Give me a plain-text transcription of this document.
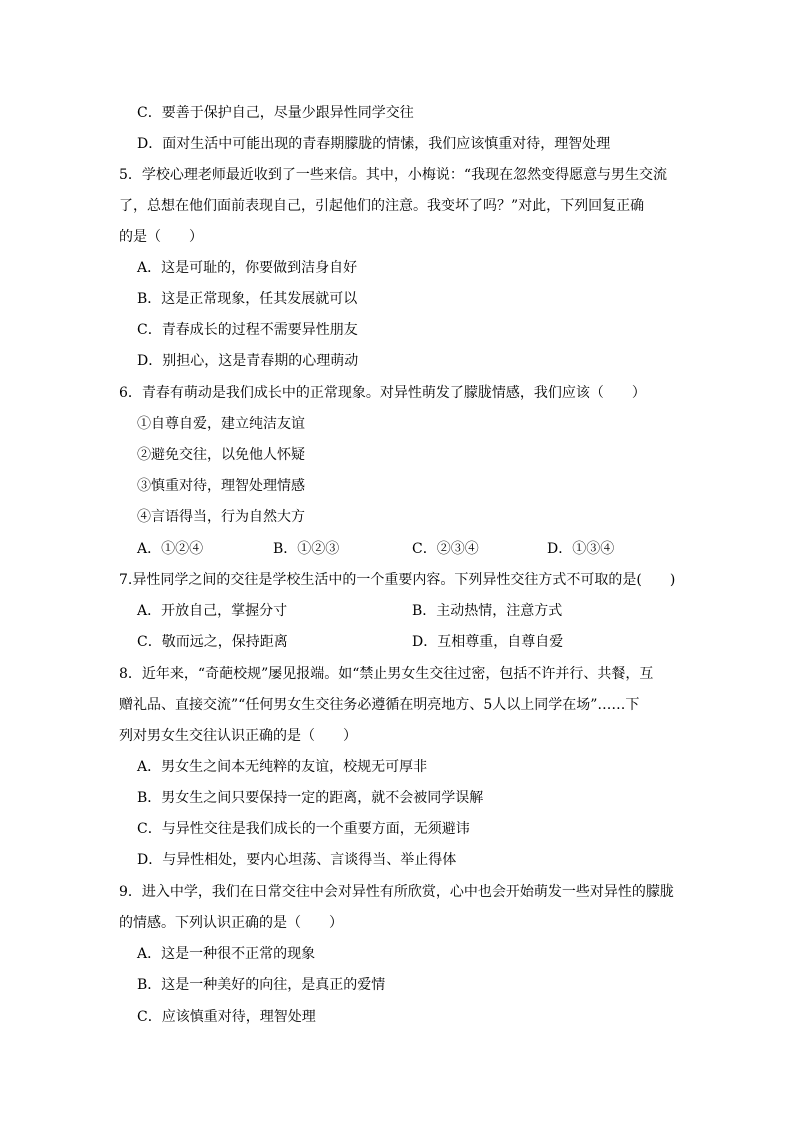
C．要善于保护自己，尽量少跟异性同学交往
D．面对生活中可能出现的青春期朦胧的情愫，我们应该慎重对待，理智处理
5．学校心理老师最近收到了一些来信。其中，小梅说：“我现在忽然变得愿意与男生交流
了，总想在他们面前表现自己，引起他们的注意。我变坏了吗？”对此，下列回复正确
的是（　　）
A．这是可耻的，你要做到洁身自好
B．这是正常现象，任其发展就可以
C．青春成长的过程不需要异性朋友
D．别担心，这是青春期的心理萌动
6．青春有萌动是我们成长中的正常现象。对异性萌发了朦胧情感，我们应该（　　）
①自尊自爱，建立纯洁友谊
②避免交往，以免他人怀疑
③慎重对待，理智处理情感
④言语得当，行为自然大方
A．①②④	B．①②③	C．②③④	D．①③④
7.异性同学之间的交往是学校生活中的一个重要内容。下列异性交往方式不可取的是(　　)
A．开放自己，掌握分寸	B．主动热情，注意方式
C．敬而远之，保持距离	D．互相尊重，自尊自爱
8．近年来，“奇葩校规”屡见报端。如“禁止男女生交往过密，包括不许并行、共餐，互
赠礼品、直接交流”“任何男女生交往务必遵循在明亮地方、5人以上同学在场”……下
列对男女生交往认识正确的是（　　）
A．男女生之间本无纯粹的友谊，校规无可厚非
B．男女生之间只要保持一定的距离，就不会被同学误解
C．与异性交往是我们成长的一个重要方面，无须避讳
D．与异性相处，要内心坦荡、言谈得当、举止得体
9．进入中学，我们在日常交往中会对异性有所欣赏，心中也会开始萌发一些对异性的朦胧
的情感。下列认识正确的是（　　）
A．这是一种很不正常的现象
B．这是一种美好的向往，是真正的爱情
C．应该慎重对待，理智处理
